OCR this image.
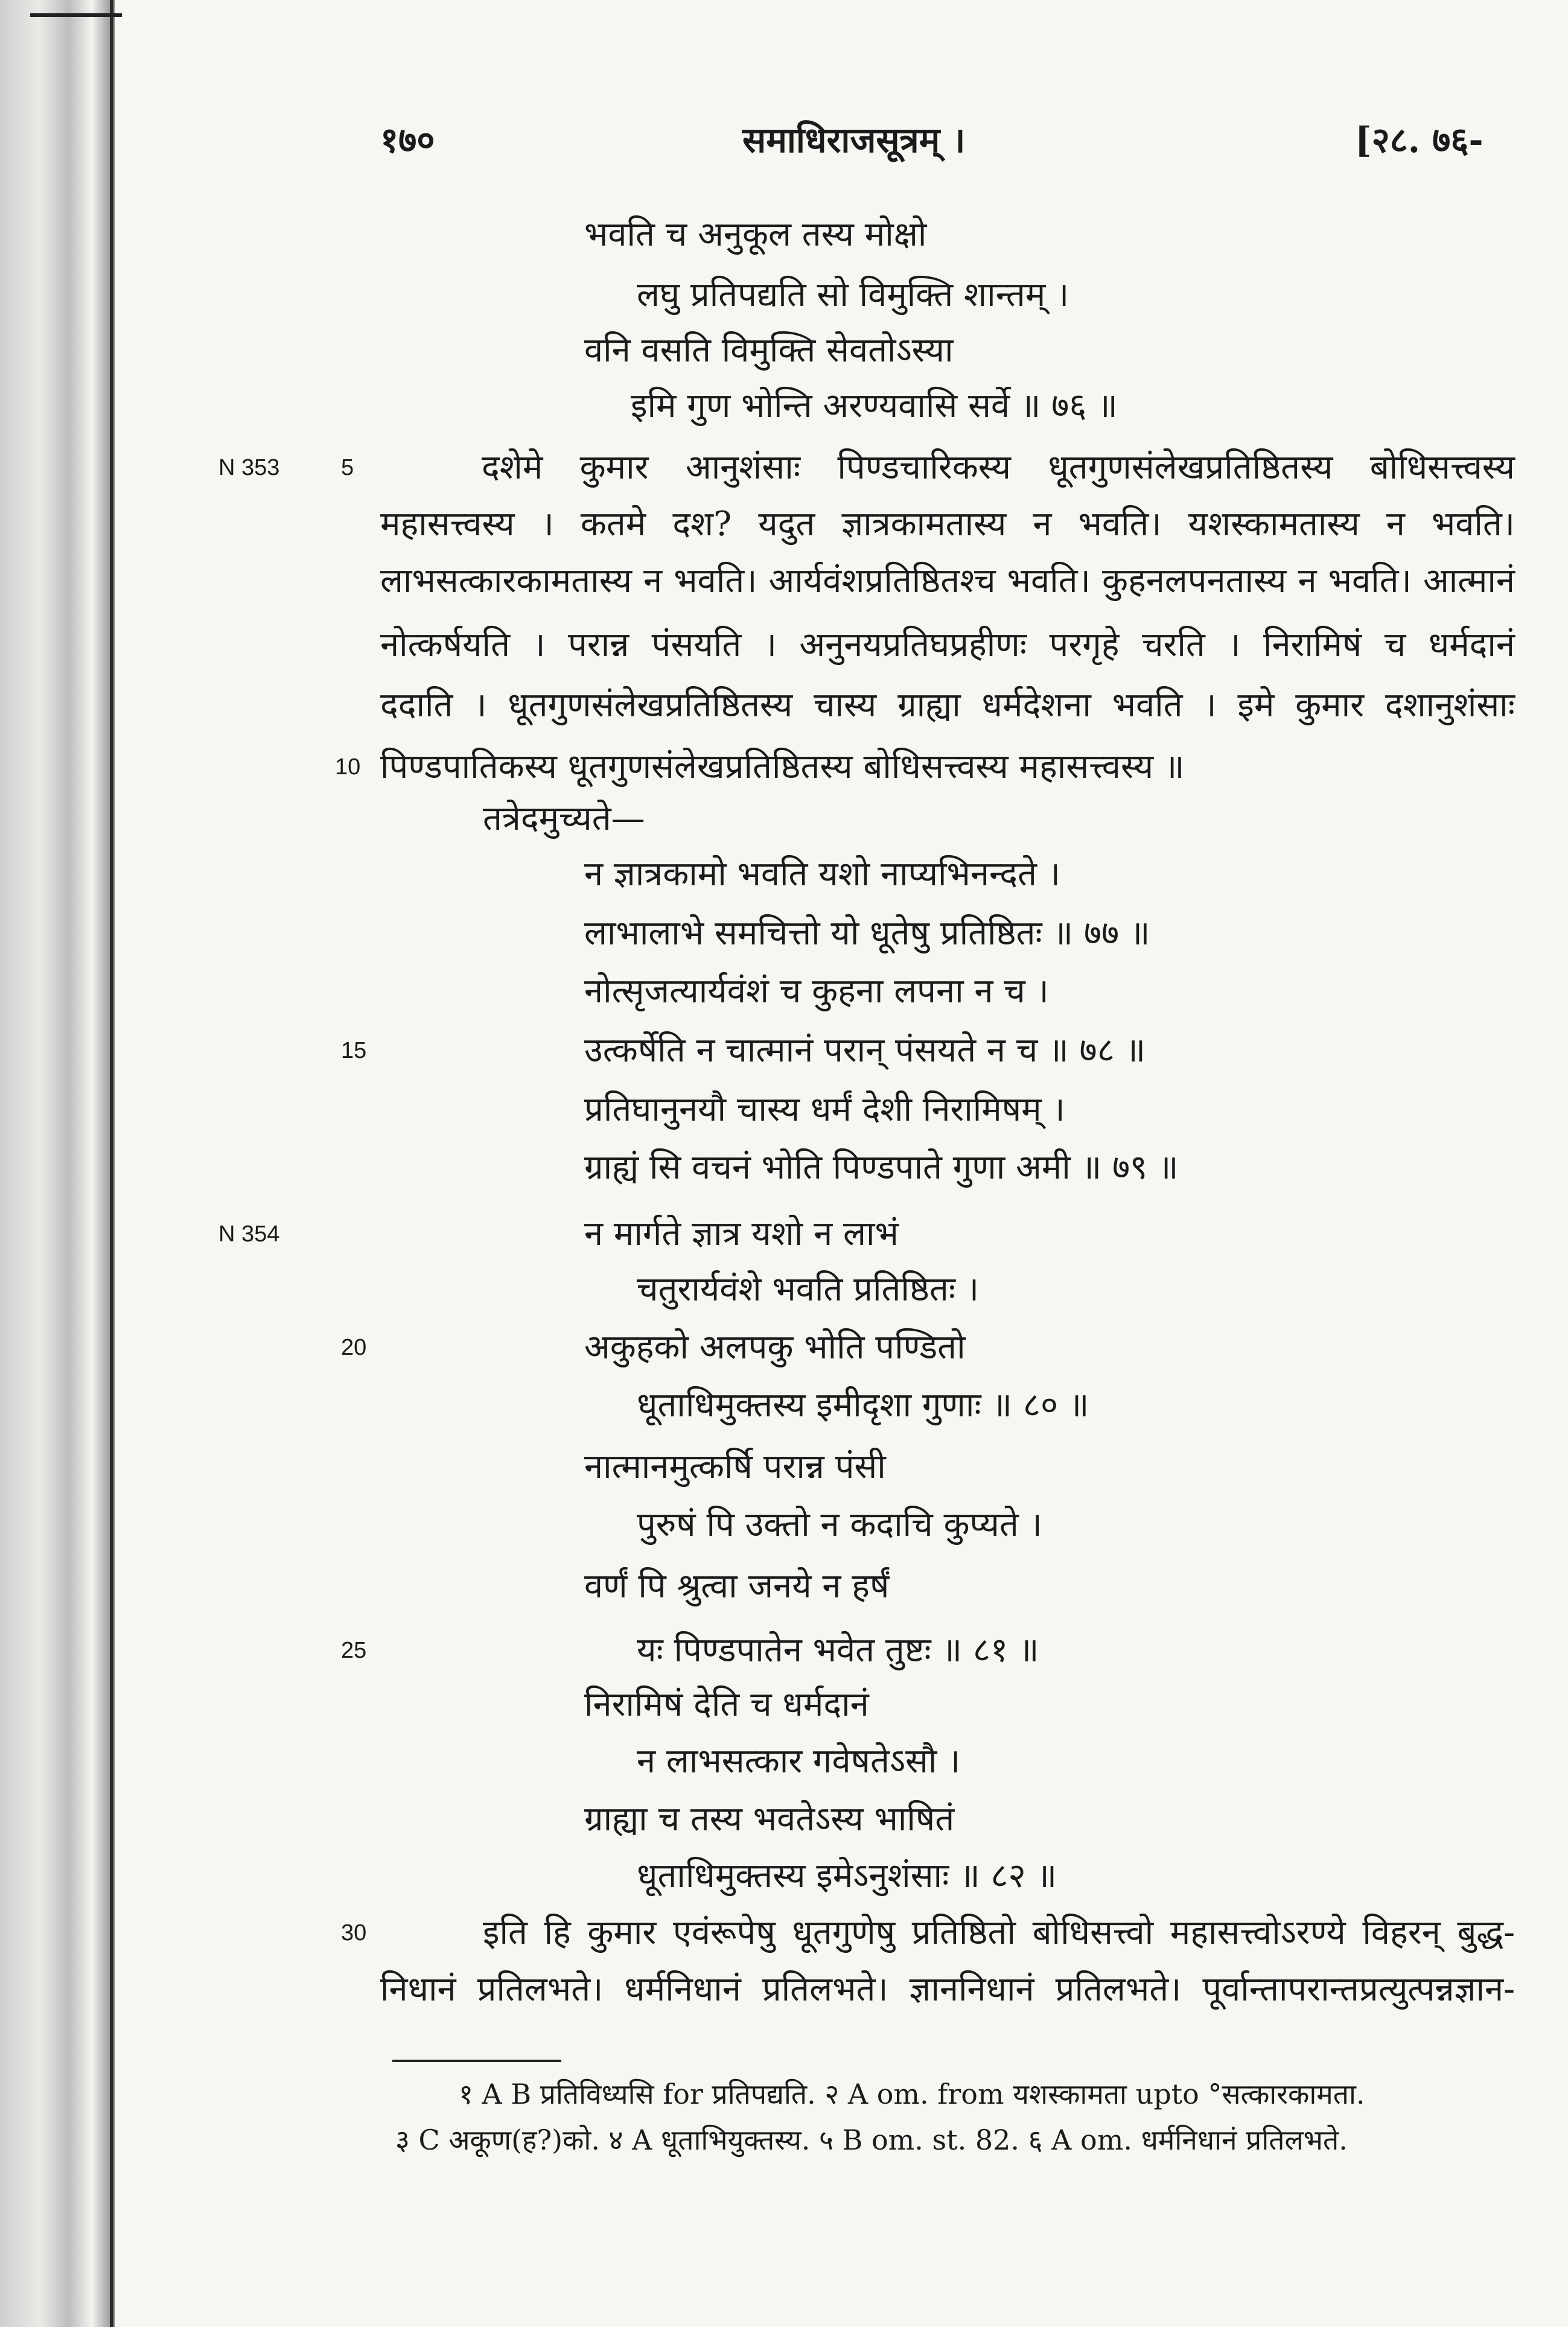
१७०	समाधिराजसूत्रम् ।	[२८. ७६-
N 353	5
10
15
N 354
20
25
30
भवति च अनुकूल तस्य मोक्षो
लघु प्रतिपद्यति सो विमुक्ति शान्तम् ।
वनि वसति विमुक्ति सेवतोऽस्या
इमि गुण भोन्ति अरण्यवासि सर्वे ॥ ७६ ॥
दशेमे कुमार आनुशंसाः पिण्डचारिकस्य धूतगुणसंलेखप्रतिष्ठितस्य बोधिसत्त्वस्य
महासत्त्वस्य । कतमे दश? यदुत ज्ञात्रकामतास्य न भवति। यशस्कामतास्य न भवति।
लाभसत्कारकामतास्य न भवति। आर्यवंशप्रतिष्ठितश्च भवति। कुहनलपनतास्य न भवति। आत्मानं
नोत्कर्षयति । परान्न पंसयति । अनुनयप्रतिघप्रहीणः परगृहे चरति । निरामिषं च धर्मदानं
ददाति । धूतगुणसंलेखप्रतिष्ठितस्य चास्य ग्राह्या धर्मदेशना भवति । इमे कुमार दशानुशंसाः
पिण्डपातिकस्य धूतगुणसंलेखप्रतिष्ठितस्य बोधिसत्त्वस्य महासत्त्वस्य ॥
तत्रेदमुच्यते—
न ज्ञात्रकामो भवति यशो नाप्यभिनन्दते ।
लाभालाभे समचित्तो यो धूतेषु प्रतिष्ठितः ॥ ७७ ॥
नोत्सृजत्यार्यवंशं च कुहना लपना न च ।
उत्कर्षेति न चात्मानं परान् पंसयते न च ॥ ७८ ॥
प्रतिघानुनयौ चास्य धर्मं देशी निरामिषम् ।
ग्राह्यं सि वचनं भोति पिण्डपाते गुणा अमी ॥ ७९ ॥
न मार्गते ज्ञात्र यशो न लाभं
चतुरार्यवंशे भवति प्रतिष्ठितः ।
अकुहको अलपकु भोति पण्डितो
धूताधिमुक्तस्य इमीदृशा गुणाः ॥ ८० ॥
नात्मानमुत्कर्षि परान्न पंसी
पुरुषं पि उक्तो न कदाचि कुप्यते ।
वर्णं पि श्रुत्वा जनये न हर्षं
यः पिण्डपातेन भवेत तुष्टः ॥ ८१ ॥
निरामिषं देति च धर्मदानं
न लाभसत्कार गवेषतेऽसौ ।
ग्राह्या च तस्य भवतेऽस्य भाषितं
धूताधिमुक्तस्य इमेऽनुशंसाः ॥ ८२ ॥
इति हि कुमार एवंरूपेषु धूतगुणेषु प्रतिष्ठितो बोधिसत्त्वो महासत्त्वोऽरण्ये विहरन् बुद्ध-
निधानं प्रतिलभते। धर्मनिधानं प्रतिलभते। ज्ञाननिधानं प्रतिलभते। पूर्वान्तापरान्तप्रत्युत्पन्नज्ञान-
१ A B प्रतिविध्यसि for प्रतिपद्यति. २ A om. from यशस्कामता upto °सत्कारकामता.
३ C अकूण(ह?)को. ४ A धूताभियुक्तस्य. ५ B om. st. 82. ६ A om. धर्मनिधानं प्रतिलभते.
